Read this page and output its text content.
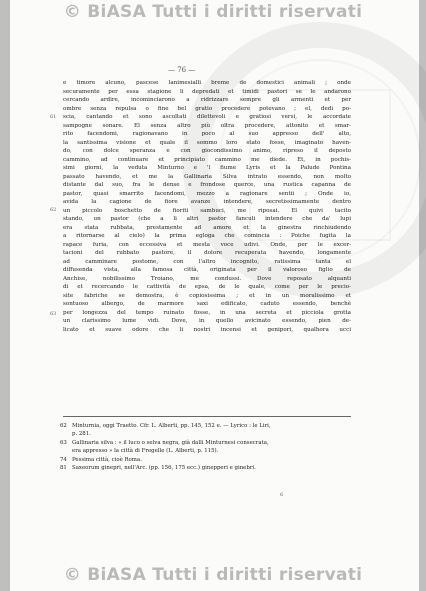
© BiASA Tutti i diritti riservati
— 76 —
61
62
63
e timore alcuno, pascese lanimesialli breme de domestici animali ; onde
securamente per essa stagione li depredati et timidi pastori se le andarono
cercando ardire, incominciarono a ridrizzare sempre gli armenti et per
ombre senza repulsa o fine bel gratio procedere potevano ; el, dedi po-
scia, cantando et sono ascoltati dilettevoli e gratiosi versi, le accordate
sampogne sonare. El senza altro più oltra procedere, attonito et smar-
rito facendomi, ragionavano in poco al suo appresso dell' alto,
la santissima visione et quale il sommo loro stato fosse, imaginato haven-
do, con dolce speranza e con giocondissimo animo, ripreso il deposto
cammino, ad continuare et principiato cammino me diede. Et, in pochis-
simi giorni, la veduta Minturno e 'l fiume Lyris et la Palude Pontina
passato havendo, et me la Gallinaria Silva intrato essendo, non molto
distante dal suo, fra le dense e frondose querce, una rustica capanna de
pastor, quasi smarrito facendomi, mezzo a ragionare sentii ; Onde io,
avida la cagione de fiore avanze intendere, secretissimamente dentro
un piccolo boschetto de fioriti sambuci, me riposai. El quivi tacito
stando, un pastor (che a li altri pastor fanculi intendere che da' lupi
era stata rubbata, prestamente ad amore et la ginestra rinchiudendo
a ritornarse al cielo) la prima egloga che comincia : Poiche fugita la
rapace furia, con eccessiva et mesta voce udivi. Onde, per le excer-
tacioni del rubbato pastore, il dolore recuperata havendo, longamente
ad camminare postome, con l'altro incognito, ratissima tanta el
diffusenda vista, alla famosa città, originata per il valoroso figlio de
Anchise, nobilissimo Troiano, me condussi. Dove reposato alquanti
di et recercando le cattività de epsa, de le quale, come per le precio-
site fabriche se demostra, è copiosissima ; et in un moralissimo et
sontuoso albergo, de marmore saxi edificato, caduto essendo, benchè
per longezza del tempo ruinato fosse, in una secreta et picciola grotta
un clarissimo lume vidi. Dove, in quello avicinato essendo, pien de-
licato et suave odore che li nostri incensi et genipori, qualhora ucci
62 Minturnia, oggi Traetto. Cfr. L. Alberti, pp. 145, 152 e. — Lyrico : le Liri,
p. 281.
63 Gallinaria silva : « il luco o selva negra, già dalli Minturnesi consecrata,
era appresso » la città di Fregelle (L. Alberti, p. 115).
74 Pessima città, cioè Roma.
81 Saxeorum ginepri, nell'Arc. (pp. 156, 175 ecc.) ginepperi e ginebri.
6
© BiASA Tutti i diritti riservati
